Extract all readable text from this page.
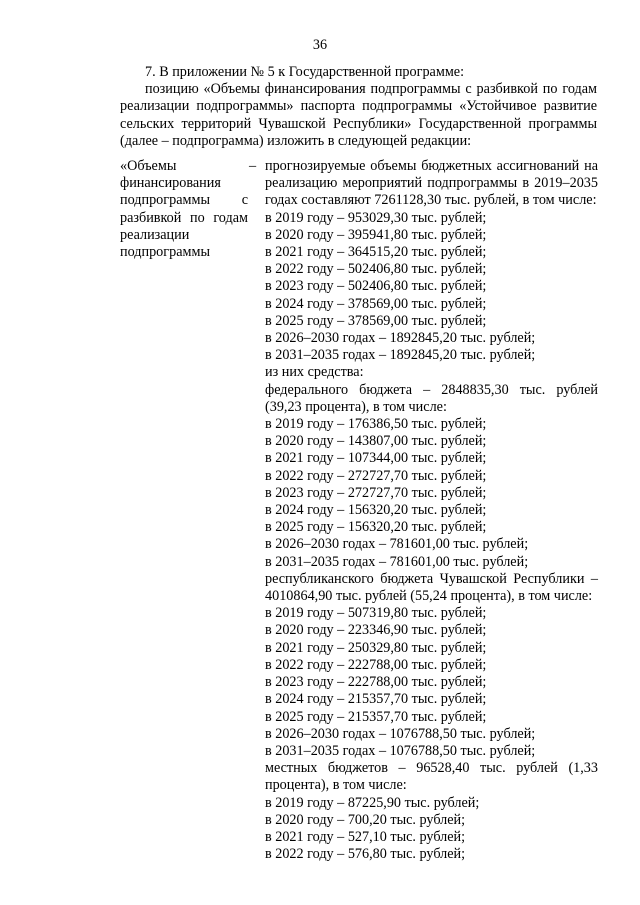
36

7. В приложении № 5 к Государственной программе:

позицию «Объемы финансирования подпрограммы с разбивкой по годам реализации подпрограммы» паспорта подпрограммы «Устойчивое развитие сельских территорий Чувашской Республики» Государственной программы (далее – подпрограмма) изложить в следующей редакции:

«Объемы финансирования подпрограммы с разбивкой по годам реализации подпрограммы
– прогнозируемые объемы бюджетных ассигнований на реализацию мероприятий подпрограммы в 2019–2035 годах составляют 7261128,30 тыс. рублей, в том числе:

в 2019 году – 953029,30 тыс. рублей;
в 2020 году – 395941,80 тыс. рублей;
в 2021 году – 364515,20 тыс. рублей;
в 2022 году – 502406,80 тыс. рублей;
в 2023 году – 502406,80 тыс. рублей;
в 2024 году – 378569,00 тыс. рублей;
в 2025 году – 378569,00 тыс. рублей;
в 2026–2030 годах – 1892845,20 тыс. рублей;
в 2031–2035 годах – 1892845,20 тыс. рублей;
из них средства:

федерального бюджета – 2848835,30 тыс. рублей (39,23 процента), в том числе:

в 2019 году – 176386,50 тыс. рублей;
в 2020 году – 143807,00 тыс. рублей;
в 2021 году – 107344,00 тыс. рублей;
в 2022 году – 272727,70 тыс. рублей;
в 2023 году – 272727,70 тыс. рублей;
в 2024 году – 156320,20 тыс. рублей;
в 2025 году – 156320,20 тыс. рублей;
в 2026–2030 годах – 781601,00 тыс. рублей;
в 2031–2035 годах – 781601,00 тыс. рублей;

республиканского бюджета Чувашской Республики – 4010864,90 тыс. рублей (55,24 процента), в том числе:

в 2019 году – 507319,80 тыс. рублей;
в 2020 году – 223346,90 тыс. рублей;
в 2021 году – 250329,80 тыс. рублей;
в 2022 году – 222788,00 тыс. рублей;
в 2023 году – 222788,00 тыс. рублей;
в 2024 году – 215357,70 тыс. рублей;
в 2025 году – 215357,70 тыс. рублей;
в 2026–2030 годах – 1076788,50 тыс. рублей;
в 2031–2035 годах – 1076788,50 тыс. рублей;

местных бюджетов – 96528,40 тыс. рублей (1,33 процента), в том числе:

в 2019 году – 87225,90 тыс. рублей;
в 2020 году – 700,20 тыс. рублей;
в 2021 году – 527,10 тыс. рублей;
в 2022 году – 576,80 тыс. рублей;
